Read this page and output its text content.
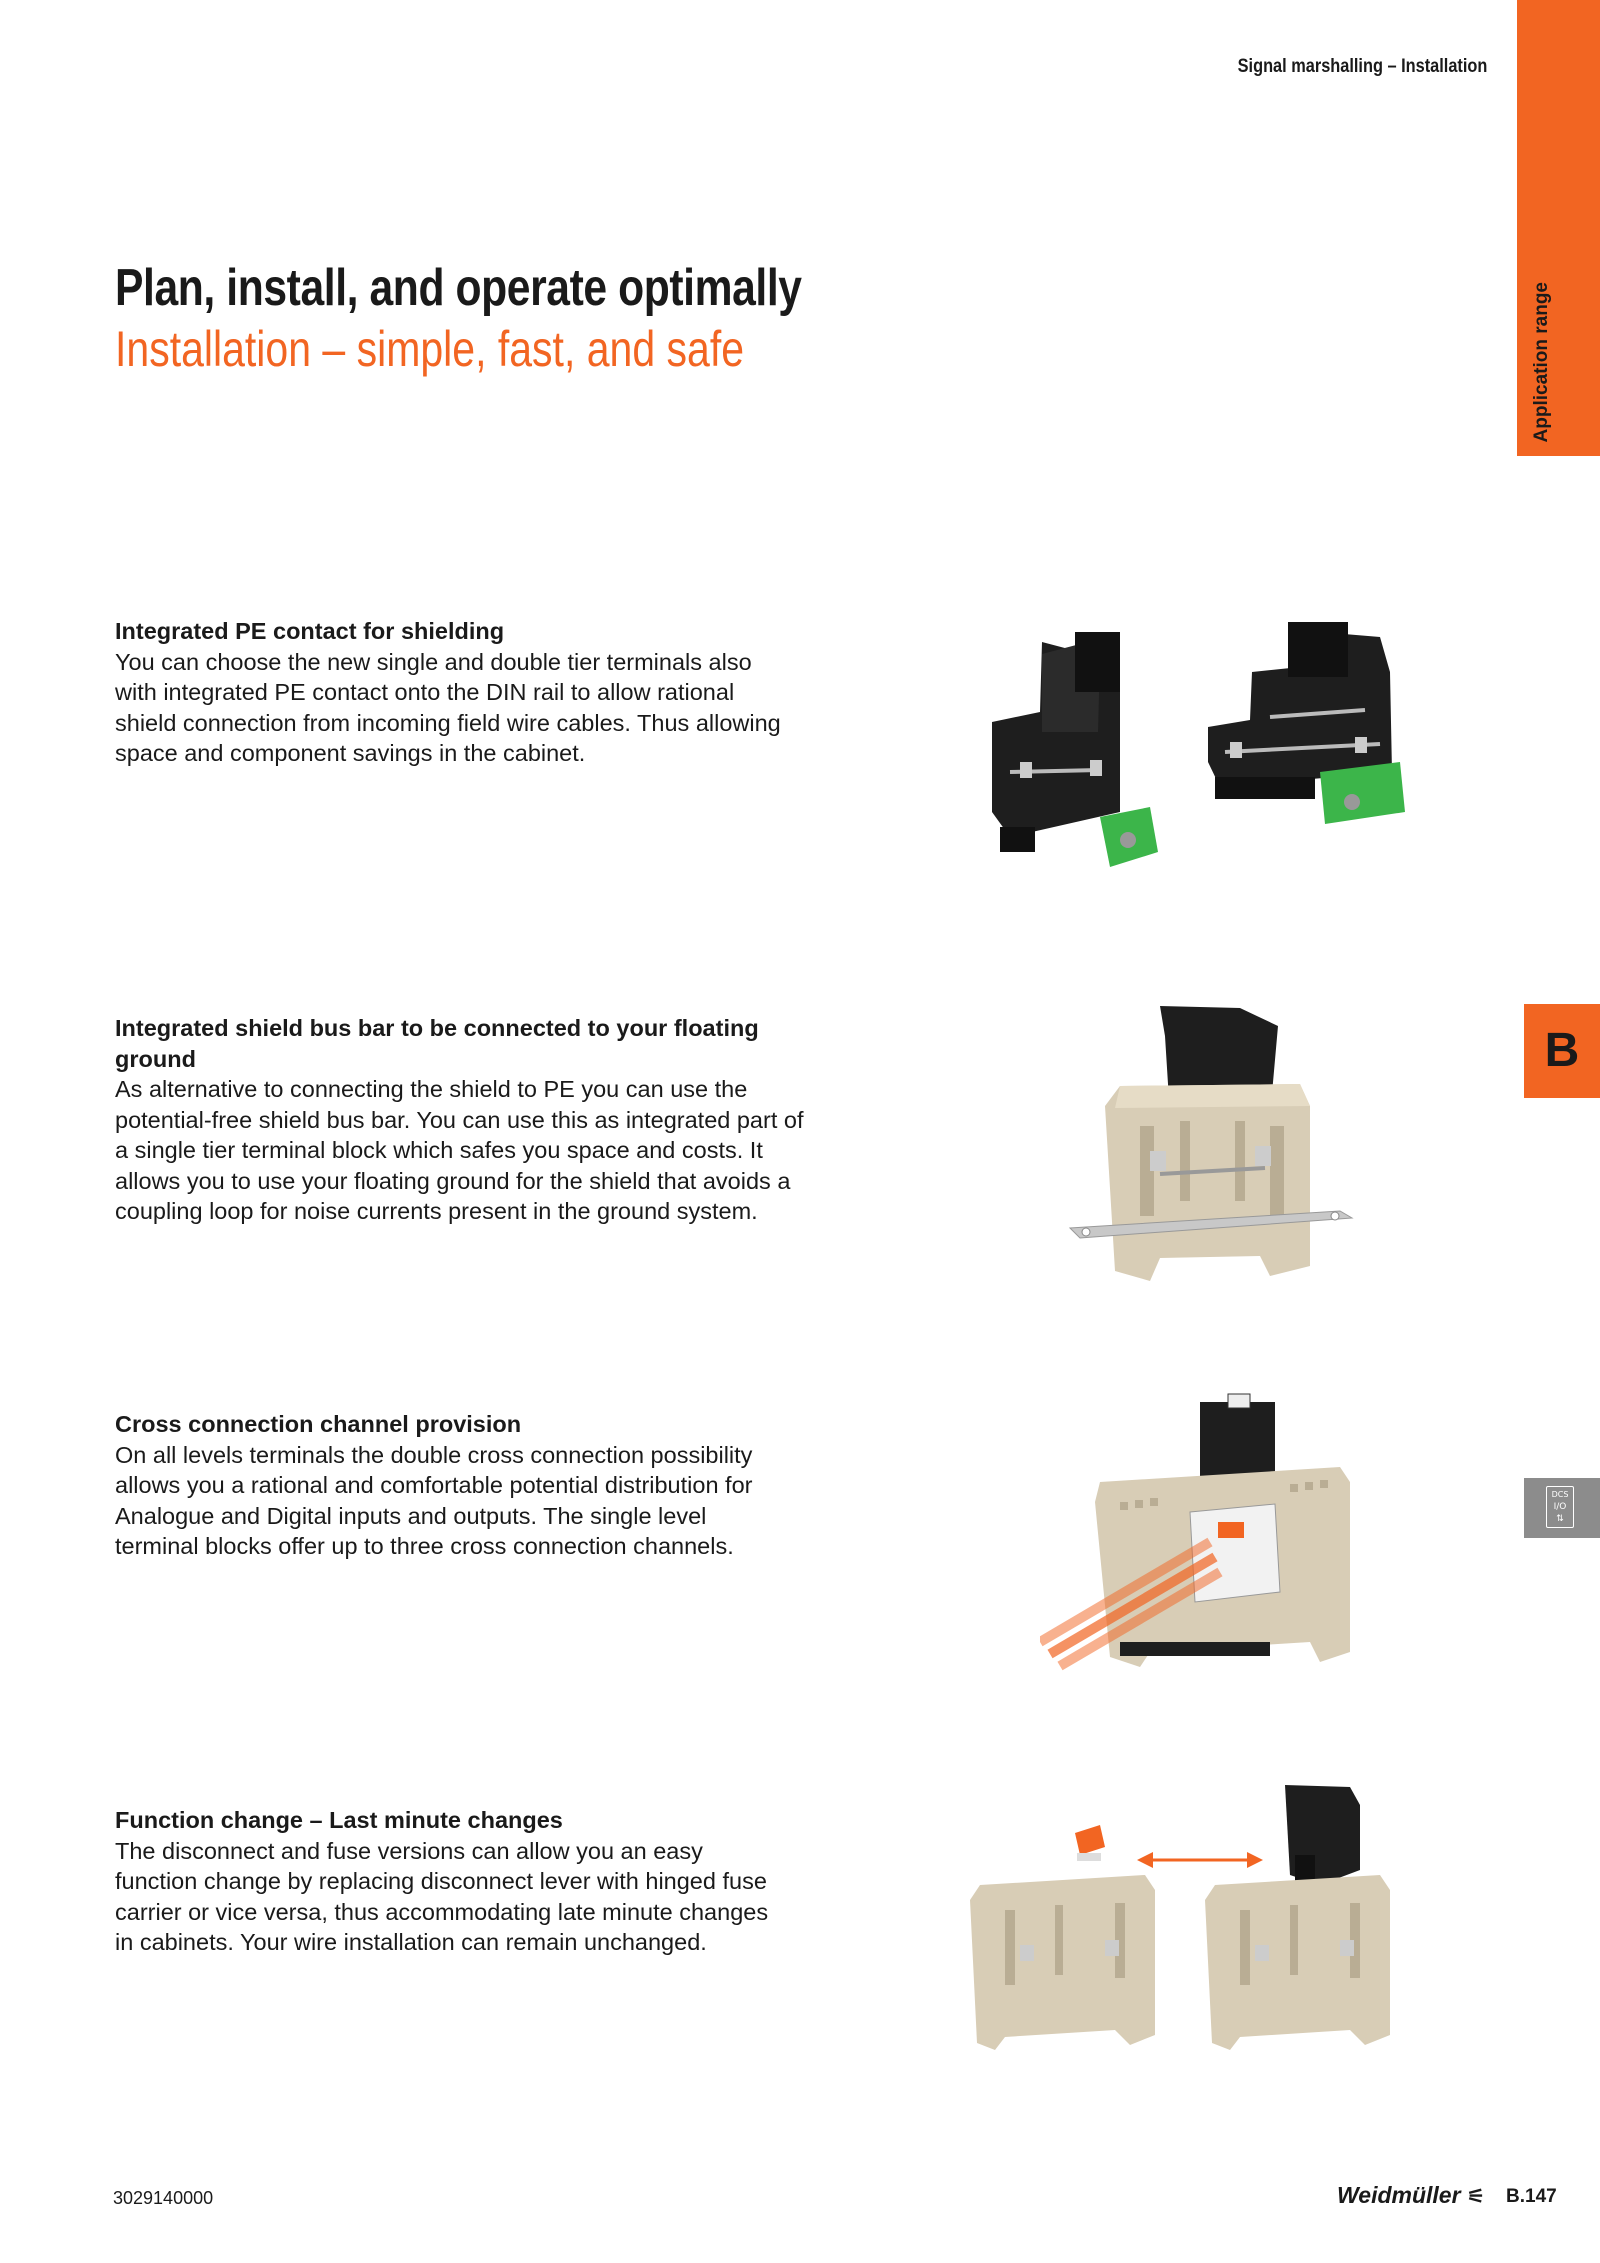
Signal marshalling – Installation
Application range
B
DCS
I/O
⇅
Plan, install, and operate optimally
Installation – simple, fast, and safe
Integrated PE contact for shielding

You can choose the new single and double tier terminals also with integrated PE contact onto the DIN rail to allow rational shield connection from incoming field wire cables. Thus allowing space and component savings in the cabinet.

Integrated shield bus bar to be connected to your floating ground

As alternative to connecting the shield to PE you can use the potential-free shield bus bar. You can use this as integrated part of a single tier terminal block which safes you space and costs. It allows you to use your floating ground for the shield that avoids a coupling loop for noise currents present in the ground system.

Cross connection channel provision

On all levels terminals the double cross connection possibility allows you a rational and comfortable potential distribution for Analogue and Digital inputs and outputs. The single level terminal blocks offer up to three cross connection channels.

Function change – Last minute changes

The disconnect and fuse versions can allow you an easy function change by replacing disconnect lever with hinged fuse carrier or vice versa, thus accommodating late minute changes in cabinets. Your wire installation can remain unchanged.

3029140000	Weidmüller ⚟ B.147
